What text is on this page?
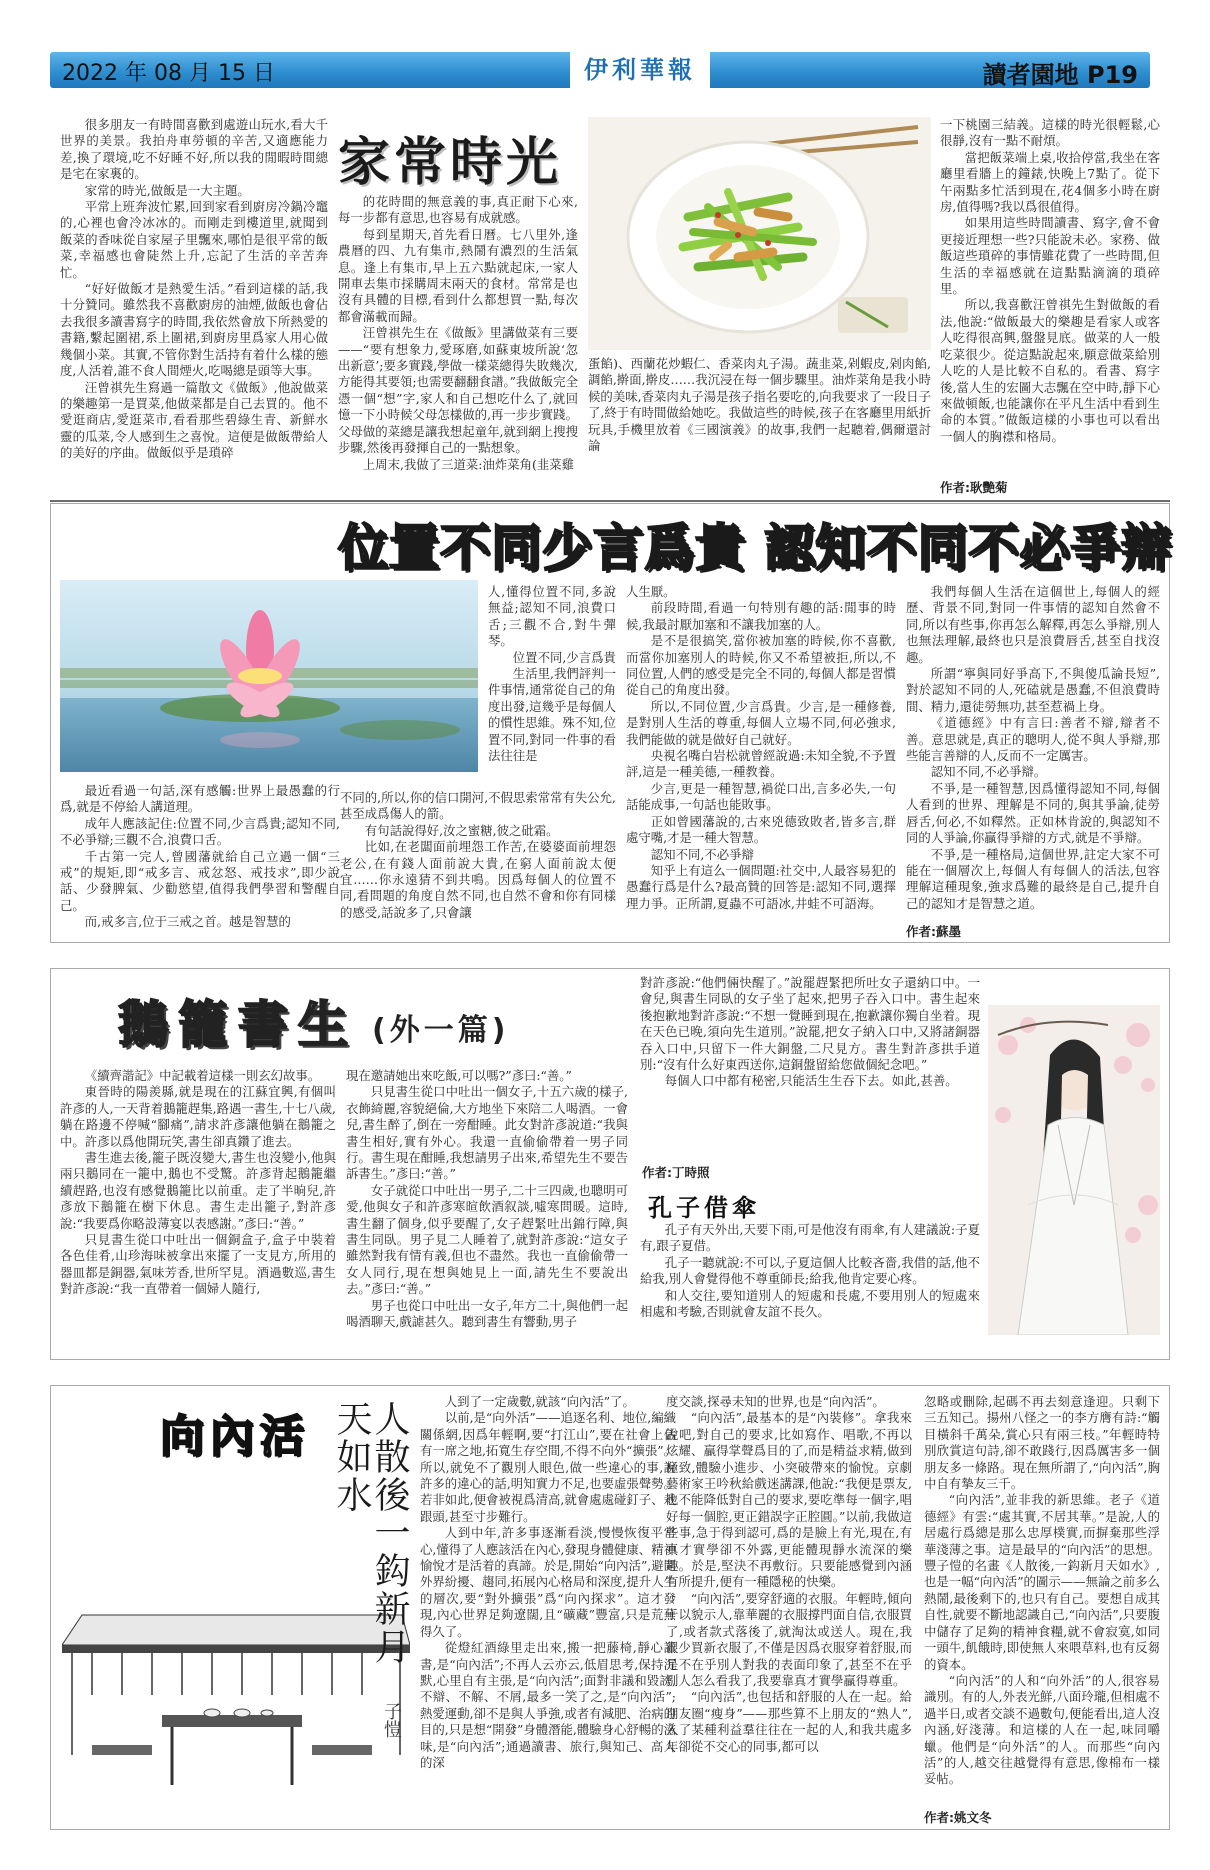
2022 年 08 月 15 日	伊利華報	讀者園地 P19

很多朋友一有時間喜歡到處遊山玩水,看大千世界的美景。我拍舟車勞頓的辛苦,又適應能力差,換了環境,吃不好睡不好,所以我的閒暇時間總是宅在家裏的。

家常的時光,做飯是一大主題。

平常上班奔波忙累,回到家看到廚房冷鍋冷竈的,心裡也會冷冰冰的。而剛走到樓道里,就聞到飯菜的香味從自家屋子里飄來,哪怕是很平常的飯菜,幸福感也會陡然上升,忘記了生活的辛苦奔忙。

“好好做飯才是熱愛生活。”看到這樣的話,我十分贊同。雖然我不喜歡廚房的油煙,做飯也會佔去我很多讀書寫字的時間,我依然會放下所熱愛的書籍,繫起圍裙,系上圍裙,到廚房里爲家人用心做幾個小菜。其實,不管你對生活持有着什么樣的態度,人活着,誰不食人間煙火,吃喝總是頭等大事。

汪曾祺先生寫過一篇散文《做飯》,他說做菜的樂趣第一是買菜,他做菜都是自己去買的。他不愛逛商店,愛逛菜市,看看那些碧綠生青、新鮮水靈的瓜菜,令人感到生之喜悅。這便是做飯帶給人的美好的序曲。做飯似乎是瑣碎

家常時光

的花時間的無意義的事,真正耐下心來,每一步都有意思,也容易有成就感。

每到星期天,首先看日曆。七八里外,逢農曆的四、九有集市,熱鬧有濃烈的生活氣息。逢上有集市,早上五六點就起床,一家人開車去集市採購周末兩天的食材。常常是也沒有具體的目標,看到什么都想買一點,每次都會滿載而歸。

汪曾祺先生在《做飯》里講做菜有三要——“要有想象力,愛琢磨,如蘇東坡所說‘忽出新意’;要多實踐,學做一樣菜總得失敗幾次,方能得其要領;也需要翻翻食譜。”我做飯完全憑一個“想”字,家人和自己想吃什么了,就回憶一下小時候父母怎樣做的,再一步步實踐。父母做的菜總是讓我想起童年,就到網上搜搜步驟,然後再發揮自己的一點想象。

上周末,我做了三道菜:油炸菜角(韭菜雞

蛋餡)、西蘭花炒蝦仁、香菜肉丸子湯。蔬韭菜,剁蝦皮,剁肉餡,調餡,擀面,擀皮……我沉浸在每一個步驟里。油炸菜角是我小時候的美味,香菜肉丸子湯是孩子指名要吃的,向我要求了一段日子了,終于有時間做給她吃。我做這些的時候,孩子在客廳里用紙折玩具,手機里放着《三國演義》的故事,我們一起聽着,偶爾還討論

一下桃園三結義。這樣的時光很輕鬆,心很靜,沒有一點不耐煩。

當把飯菜端上桌,收拾停當,我坐在客廳里看牆上的鐘錶,快晚上7點了。從下午兩點多忙活到現在,花4個多小時在廚房,值得嗎?我以爲很值得。

如果用這些時間讀書、寫字,會不會更接近理想一些?只能說未必。家務、做飯這些瑣碎的事情雖花費了一些時間,但生活的幸福感就在這點點滴滴的瑣碎里。

所以,我喜歡汪曾祺先生對做飯的看法,他說:“做飯最大的樂趣是看家人或客人吃得很高興,盤盤見底。做菜的人一般吃菜很少。從這點說起來,願意做菜給別人吃的人是比較不自私的。看書、寫字後,當人生的宏圖大志飄在空中時,靜下心來做頓飯,也能讓你在平凡生活中看到生命的本質。”做飯這樣的小事也可以看出一個人的胸襟和格局。

作者:耿艷菊
位置不同少言爲貴 認知不同不必爭辯

人,懂得位置不同,多說無益;認知不同,浪費口舌;三觀不合,對牛彈琴。

位置不同,少言爲貴

生活里,我們評判一件事情,通常從自己的角度出發,這幾乎是每個人的慣性思維。殊不知,位置不同,對同一件事的看法往往是

最近看過一句話,深有感觸:世界上最愚蠢的行爲,就是不停給人講道理。

成年人應該記住:位置不同,少言爲貴;認知不同,不必爭辯;三觀不合,浪費口舌。

千古第一完人,曾國藩就給自己立過一個“三戒”的規矩,即“戒多言、戒忿怒、戒技求”,即少說話、少發脾氣、少勸慾望,值得我們學習和警醒自己。

而,戒多言,位于三戒之首。越是智慧的

不同的,所以,你的信口開河,不假思索常常有失公允,甚至成爲傷人的箭。

有句話說得好,汝之蜜糖,彼之砒霜。

比如,在老闆面前埋怨工作苦,在婆婆面前埋怨老公,在有錢人面前說大貴,在窮人面前說太便宜……你永遠猜不到共鳴。因爲每個人的位置不同,看問題的角度自然不同,也自然不會和你有同樣的感受,話說多了,只會讓

人生厭。

前段時間,看過一句特別有趣的話:閒事的時候,我最討厭加塞和不讓我加塞的人。

是不是很搞笑,當你被加塞的時候,你不喜歡,而當你加塞別人的時候,你又不希望被拒,所以,不同位置,人們的感受是完全不同的,每個人都是習慣從自己的角度出發。

所以,不同位置,少言爲貴。少言,是一種修養,是對別人生活的尊重,每個人立場不同,何必強求,我們能做的就是做好自己就好。

央視名嘴白岩松就曾經說過:未知全貌,不予置評,這是一種美德,一種教養。

少言,更是一種智慧,禍從口出,言多必失,一句話能成事,一句話也能敗事。

正如曾國藩說的,古來兇德致敗者,皆多言,群處守嘴,才是一種大智慧。

認知不同,不必爭辯

知乎上有這么一個問題:社交中,人最容易犯的愚蠢行爲是什么?最高贊的回答是:認知不同,選擇理力爭。正所謂,夏蟲不可語冰,井蛙不可語海。

我們每個人生活在這個世上,每個人的經歷、背景不同,對同一件事情的認知自然會不同,所以有些事,你再怎么解釋,再怎么爭辯,別人也無法理解,最終也只是浪費唇舌,甚至自找沒趣。

所謂“寧與同好爭高下,不與傻瓜論長短”,對於認知不同的人,死磕就是愚蠢,不但浪費時間、精力,還徒勞無功,甚至惹禍上身。

《道德經》中有言曰:善者不辯,辯者不善。意思就是,真正的聰明人,從不與人爭辯,那些能言善辯的人,反而不一定厲害。

認知不同,不必爭辯。

不爭,是一種智慧,因爲懂得認知不同,每個人看到的世界、理解是不同的,與其爭論,徒勞唇舌,何必,不如釋然。正如林肯說的,與認知不同的人爭論,你贏得爭辯的方式,就是不爭辯。

不爭,是一種格局,這個世界,註定大家不可能在一個層次上,每個人有每個人的活法,包容理解這種現象,強求爲難的最終是自己,提升自己的認知才是智慧之道。

作者:蘇墨
鵝籠書生 (外一篇)

《續齊諧記》中記載着這樣一則玄幻故事。

東晉時的陽羨縣,就是現在的江蘇宜興,有個叫許彥的人,一天背着鵝籠趕集,路遇一書生,十七八歲,躺在路邊不停喊“腳痛”,請求許彥讓他躺在鵝籠之中。許彥以爲他開玩笑,書生卻真鑽了進去。

書生進去後,籠子既沒變大,書生也沒變小,他與兩只鵝同在一籠中,鵝也不受驚。許彥背起鵝籠繼續趕路,也沒有感覺鵝籠比以前重。走了半晌兒,許彥放下鵝籠在樹下休息。書生走出籠子,對許彥說:“我要爲你略設薄宴以表感謝。”彥曰:“善。”

只見書生從口中吐出一個銅盒子,盒子中裝着各色佳肴,山珍海味被拿出來擺了一支見方,所用的器皿都是銅器,氣味芳香,世所罕見。酒過數巡,書生對許彥說:“我一直帶着一個婦人隨行,

現在邀請她出來吃飯,可以嗎?”彥曰:“善。”

只見書生從口中吐出一個女子,十五六歲的樣子,衣飾綺麗,容貌絕倫,大方地坐下來陪二人喝酒。一會兒,書生醉了,倒在一旁酣睡。此女對許彥說道:“我與書生相好,實有外心。我還一直偷偷帶着一男子同行。書生現在酣睡,我想請男子出來,希望先生不要告訴書生。”彥曰:“善。”

女子就從口中吐出一男子,二十三四歲,也聰明可愛,他與女子和許彥寒暄飲酒叙談,噓寒問暖。這時,書生翻了個身,似乎要醒了,女子趕緊吐出錦行障,與書生同臥。男子見二人睡着了,就對許彥說:“這女子雖然對我有情有義,但也不盡然。我也一直偷偷帶一女人同行,現在想與她見上一面,請先生不要說出去。”彥曰:“善。”

男子也從口中吐出一女子,年方二十,與他們一起喝酒聊天,戲謔甚久。聽到書生有響動,男子

對許彥說:“他們倆快醒了。”說罷趕緊把所吐女子還納口中。一會兒,與書生同臥的女子坐了起來,把男子吞入口中。書生起來後抱歉地對許彥說:“不想一覺睡到現在,抱歉讓你獨自坐着。現在天色已晚,須向先生道別。”說罷,把女子納入口中,又將諸銅器吞入口中,只留下一件大銅盤,二尺見方。書生對許彥拱手道別:“沒有什么好東西送你,這銅盤留給您做個紀念吧。”

每個人口中都有秘密,只能活生生吞下去。如此,甚善。

作者:丁時照
孔子借傘

孔子有天外出,天要下雨,可是他沒有雨傘,有人建議說:子夏有,跟子夏借。

孔子一聽就說:不可以,子夏這個人比較吝嗇,我借的話,他不給我,別人會覺得他不尊重師長;給我,他肯定要心疼。

和人交往,要知道別人的短處和長處,不要用別人的短處來相處和考驗,否則就會友誼不長久。

向內活	人散後一鈎新月天如水
子愷

人到了一定歲數,就該“向內活”了。

以前,是“向外活”——追逐名利、地位,編織關係網,因爲年輕啊,要“打江山”,要在社會上佔有一席之地,拓寬生存空間,不得不向外“擴張”。所以,就免不了觀別人眼色,做一些違心的事,說許多的違心的話,明知實力不足,也要虛張聲勢。若非如此,便會被視爲清高,就會處處碰釘子、栽跟頭,甚至寸步難行。

人到中年,許多事逐漸看淡,慢慢恢復平常心,懂得了人應該活在內心,發現身體健康、精神愉悅才是活着的真諦。於是,開始“向內活”,避開外界紛擾、趨同,拓展內心格局和深度,提升人生的層次,要“對外擴張”爲“向內探求”。這才發現,內心世界足夠遼闊,且“礦藏”豐富,只是荒蕪得久了。

從燈紅酒綠里走出來,搬一把藤椅,靜心讀書,是“向內活”;不再人云亦云,低眉思考,保持沉默,心里自有主張,是“向內活”;面對非議和毀謗,不辯、不解、不屑,最多一笑了之,是“向內活”;熱愛運動,卻不是與人爭強,或者有減肥、治病的目的,只是想“開發”身體潛能,體驗身心舒暢的滋味,是“向內活”;通過讀書、旅行,與知己、高人的深

度交談,探尋未知的世界,也是“向內活”。

“向內活”,最基本的是“內裝修”。拿我來說吧,對自己的要求,比如寫作、唱歌,不再以炫耀、贏得掌聲爲目的了,而是精益求精,做到極致,體驗小進步、小突破帶來的愉悅。京劇藝術家王吟秋給戲迷講課,他說:“我便是票友,也不能降低對自己的要求,要吃準每一個字,唱好每一個腔,更正錯誤字正腔圓。”以前,我做這些事,急于得到認可,爲的是臉上有光,現在,有真才實學卻不外露,更能體現靜水流深的樂趣。於是,堅決不再敷衍。只要能感覺到內涵有所提升,便有一種隱秘的快樂。

“向內活”,要穿舒適的衣服。年輕時,傾向于以貌示人,靠華麗的衣服撐門面自信,衣服買了,或者款式落後了,就淘汰或送人。現在,我很少買新衣服了,不僅是因爲衣服穿着舒服,而是不在乎別人對我的表面印象了,甚至不在乎別人怎么看我了,我要靠真才實學贏得尊重。

“向內活”,也包括和舒服的人在一起。給朋友圈“瘦身”——那些算不上朋友的“熟人”,入了某種利益羣往往在一起的人,和我共處多年卻從不交心的同事,都可以

忽略或刪除,起碼不再去刻意逢迎。只剩下三五知己。揚州八怪之一的李方膺有詩:“觸目橫斜千萬朵,賞心只有兩三枝。”年輕時特別欣賞這句詩,卻不敢踐行,因爲厲害多一個朋友多一條路。現在無所謂了,“向內活”,胸中自有摯友三千。

“向內活”,並非我的新思維。老子《道德經》有雲:“處其實,不居其華。”是說,人的居處行爲總是那么忠厚樸實,而摒棄那些浮華淺薄之事。這是最早的“向內活”的思想。豐子愷的名畫《人散後,一鈎新月天如水》,也是一幅“向內活”的圖示——無論之前多么熱鬧,最後剩下的,也只有自己。要想自成其自性,就要不斷地認識自己,“向內活”,只要腹中儲存了足夠的精神食糧,就不會寂寞,如同一頭牛,飢餓時,即使無人來喂草料,也有反芻的資本。

“向內活”的人和“向外活”的人,很容易識別。有的人,外表光鮮,八面玲瓏,但相處不過半日,或者交談不過數句,便能看出,這人沒內涵,好淺薄。和這樣的人在一起,味同嚼蠟。他們是“向外活”的人。而那些“向內活”的人,越交往越覺得有意思,像棉布一樣妥帖。

作者:姚文冬
